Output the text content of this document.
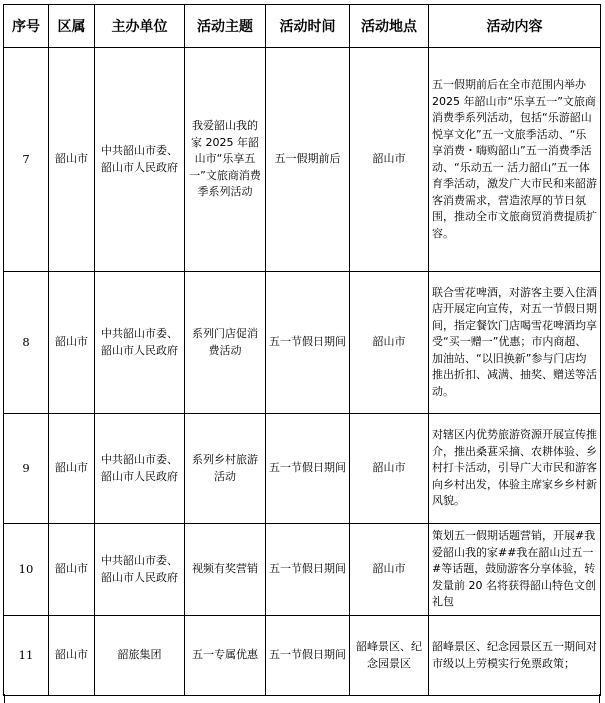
序号	区属	主办单位	活动主题	活动时间	活动地点	活动内容
7	韶山市	中共韶山市委、韶山市人民政府	我爱韶山我的家 2025 年韶山市“乐享五一”文旅商消费季系列活动	五一假期前后	韶山市	五一假期前后在全市范围内举办 2025 年韶山市“乐享五一”文旅商消费季系列活动，包括“乐游韶山 悦享文化”五一文旅季活动、“乐享消费・嗨购韶山”五一消费季活动、“乐动五一 活力韶山”五一体育季活动，激发广大市民和来韶游客消费需求，营造浓厚的节日氛围，推动全市文旅商贸消费提质扩容。
8	韶山市	中共韶山市委、韶山市人民政府	系列门店促消费活动	五一节假日期间	韶山市	联合雪花啤酒，对游客主要入住酒店开展定向宣传，对五一节假日期间，指定餐饮门店喝雪花啤酒均享受“买一赠一”优惠；市内商超、加油站、“以旧换新”参与门店均推出折扣、减满、抽奖、赠送等活动。
9	韶山市	中共韶山市委、韶山市人民政府	系列乡村旅游活动	五一节假日期间	韶山市	对辖区内优势旅游资源开展宣传推介，推出桑葚采摘、农耕体验、乡村打卡活动，引导广大市民和游客向乡村出发，体验主席家乡乡村新风貌。
10	韶山市	中共韶山市委、韶山市人民政府	视频有奖营销	五一节假日期间	韶山市	策划五一假期话题营销，开展#我爱韶山我的家##我在韶山过五一#等话题，鼓励游客分享体验，转发量前 20 名将获得韶山特色文创礼包
11	韶山市	韶旅集团	五一专属优惠	五一节假日期间	韶峰景区、纪念园景区	韶峰景区、纪念园景区五一期间对市级以上劳模实行免票政策；
